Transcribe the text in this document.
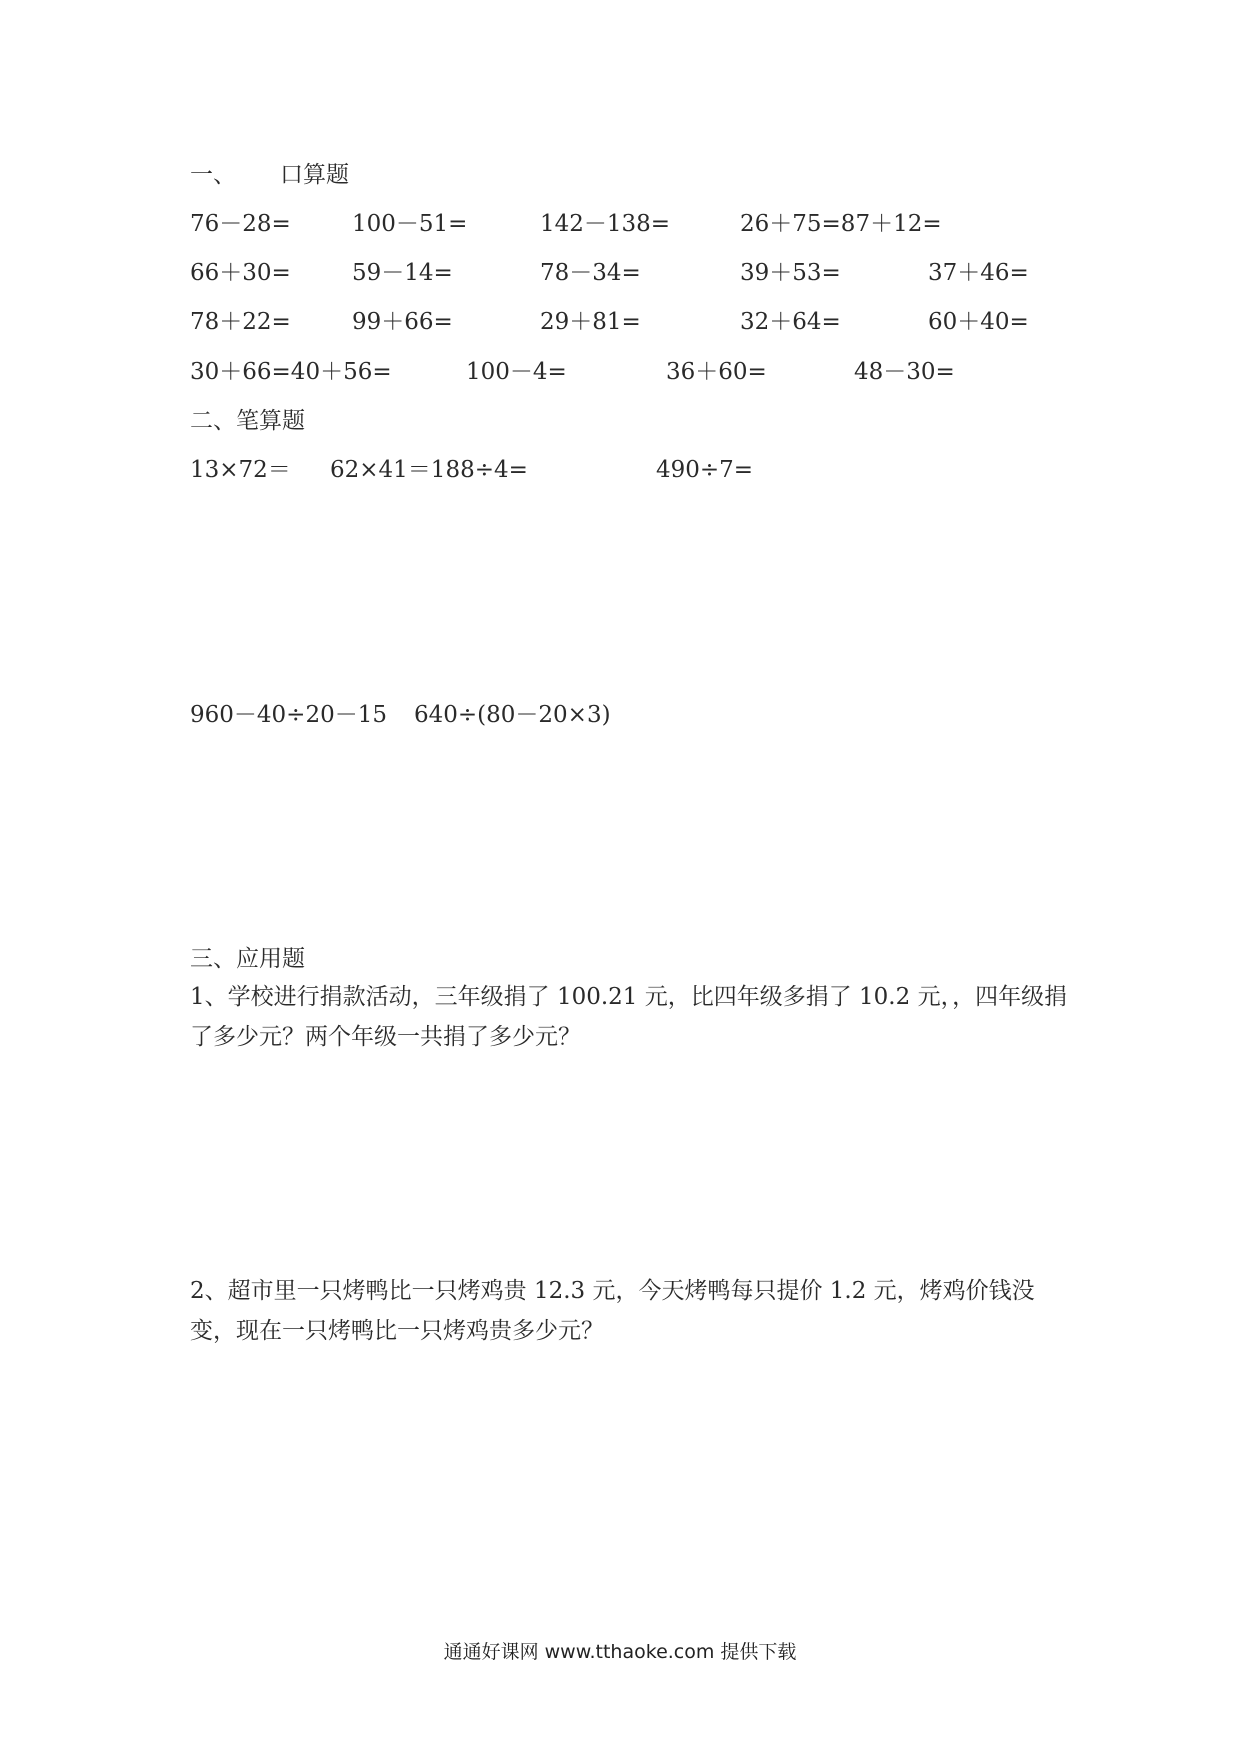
一、 口算题
76－28=	100－51=	142－138=	26＋75=87＋12=
66＋30=	59－14=	78－34=	39＋53=	37＋46=
78＋22=	99＋66=	29＋81=	32＋64=	60＋40=
30＋66=40＋56=	100－4=	36＋60=	48－30=
二、笔算题
13×72＝ 62×41＝188÷4=	490÷7=
960－40÷20－15 640÷(80－20×3)
三、应用题
1、学校进行捐款活动，三年级捐了 100.21 元，比四年级多捐了 10.2 元，，四年级捐了多少元？两个年级一共捐了多少元？
2、超市里一只烤鸭比一只烤鸡贵 12.3 元，今天烤鸭每只提价 1.2 元，烤鸡价钱没变，现在一只烤鸭比一只烤鸡贵多少元？
通通好课网 www.tthaoke.com 提供下载
